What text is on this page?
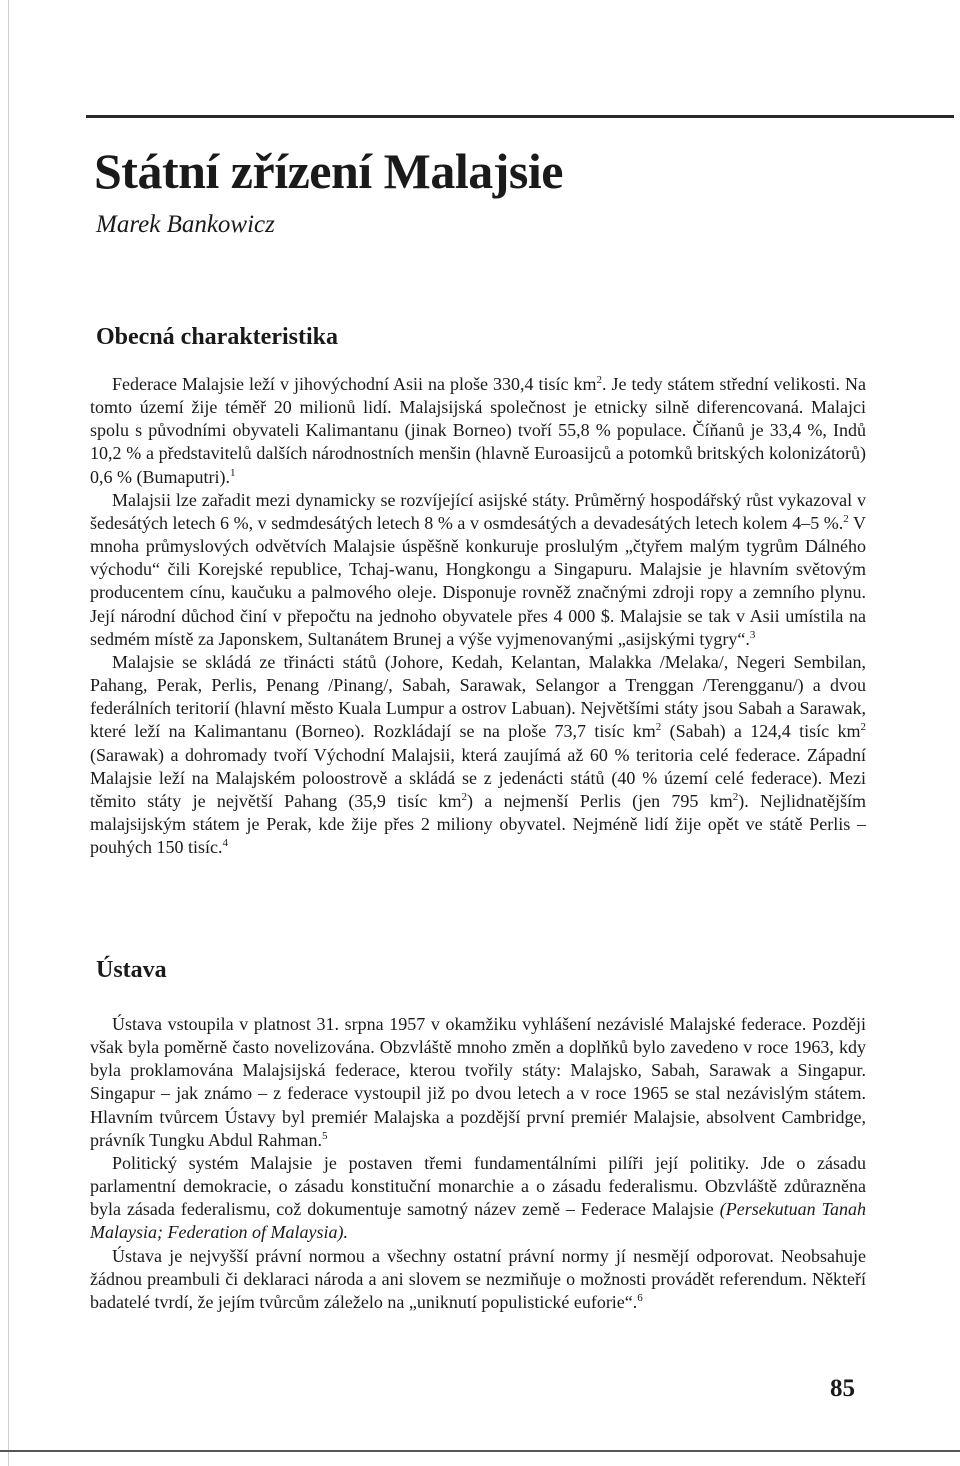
Státní zřízení Malajsie
Marek Bankowicz
Obecná charakteristika

Federace Malajsie leží v jihovýchodní Asii na ploše 330,4 tisíc $km^2$. Je tedy státem střední velikosti. Na tomto území žije téměř 20 milionů lidí. Malajsijská společnost je etnicky silně diferencovaná. Malajci spolu s původními obyvateli Kalimantanu (jinak Borneo) tvoří 55,8 % populace. Číňanů je 33,4 %, Indů 10,2 % a představitelů dalších národnostních menšin (hlavně Euroasijců a potomků britských kolonizátorů) 0,6 % (Bumaputri).$^1$

Malajsii lze zařadit mezi dynamicky se rozvíjející asijské státy. Průměrný hospodářský růst vykazoval v šedesátých letech 6 %, v sedmdesátých letech 8 % a v osmdesátých a devadesátých letech kolem 4–5 %.$^2$ V mnoha průmyslových odvětvích Malajsie úspěšně konkuruje proslulým „čtyřem malým tygrům Dálného východu“ čili Korejské republice, Tchaj-wanu, Hongkongu a Singapuru. Malajsie je hlavním světovým producentem cínu, kaučuku a palmového oleje. Disponuje rovněž značnými zdroji ropy a zemního plynu. Její národní důchod činí v přepočtu na jednoho obyvatele přes 4 000 $. Malajsie se tak v Asii umístila na sedmém místě za Japonskem, Sultanátem Brunej a výše vyjmenovanými „asijskými tygry“.$^3$

Malajsie se skládá ze třinácti států (Johore, Kedah, Kelantan, Malakka /Melaka/, Negeri Sembilan, Pahang, Perak, Perlis, Penang /Pinang/, Sabah, Sarawak, Selangor a Trenggan /Terengganu/) a dvou federálních teritorií (hlavní město Kuala Lumpur a ostrov Labuan). Největšími státy jsou Sabah a Sarawak, které leží na Kalimantanu (Borneo). Rozkládají se na ploše 73,7 tisíc $km^2$ (Sabah) a 124,4 tisíc $km^2$ (Sarawak) a dohromady tvoří Východní Malajsii, která zaujímá až 60 % teritoria celé federace. Západní Malajsie leží na Malajském poloostrově a skládá se z jedenácti států (40 % území celé federace). Mezi těmito státy je největší Pahang (35,9 tisíc $km^2$) a nejmenší Perlis (jen 795 $km^2$). Nejlidnatějším malajsijským státem je Perak, kde žije přes 2 miliony obyvatel. Nejméně lidí žije opět ve státě Perlis – pouhých 150 tisíc.$^4$

Ústava

Ústava vstoupila v platnost 31. srpna 1957 v okamžiku vyhlášení nezávislé Malajské federace. Později však byla poměrně často novelizována. Obzvláště mnoho změn a doplňků bylo zavedeno v roce 1963, kdy byla proklamována Malajsijská federace, kterou tvořily státy: Malajsko, Sabah, Sarawak a Singapur. Singapur – jak známo – z federace vystoupil již po dvou letech a v roce 1965 se stal nezávislým státem. Hlavním tvůrcem Ústavy byl premiér Malajska a pozdější první premiér Malajsie, absolvent Cambridge, právník Tungku Abdul Rahman.$^5$

Politický systém Malajsie je postaven třemi fundamentálními pilíři její politiky. Jde o zásadu parlamentní demokracie, o zásadu konstituční monarchie a o zásadu federalismu. Obzvláště zdůrazněna byla zásada federalismu, což dokumentuje samotný název země – Federace Malajsie (Persekutuan Tanah Malaysia; Federation of Malaysia).

Ústava je nejvyšší právní normou a všechny ostatní právní normy jí nesmějí odporovat. Neobsahuje žádnou preambuli či deklaraci národa a ani slovem se nezmiňuje o možnosti provádět referendum. Někteří badatelé tvrdí, že jejím tvůrcům záleželo na „uniknutí populistické euforie“.$^6$

85
